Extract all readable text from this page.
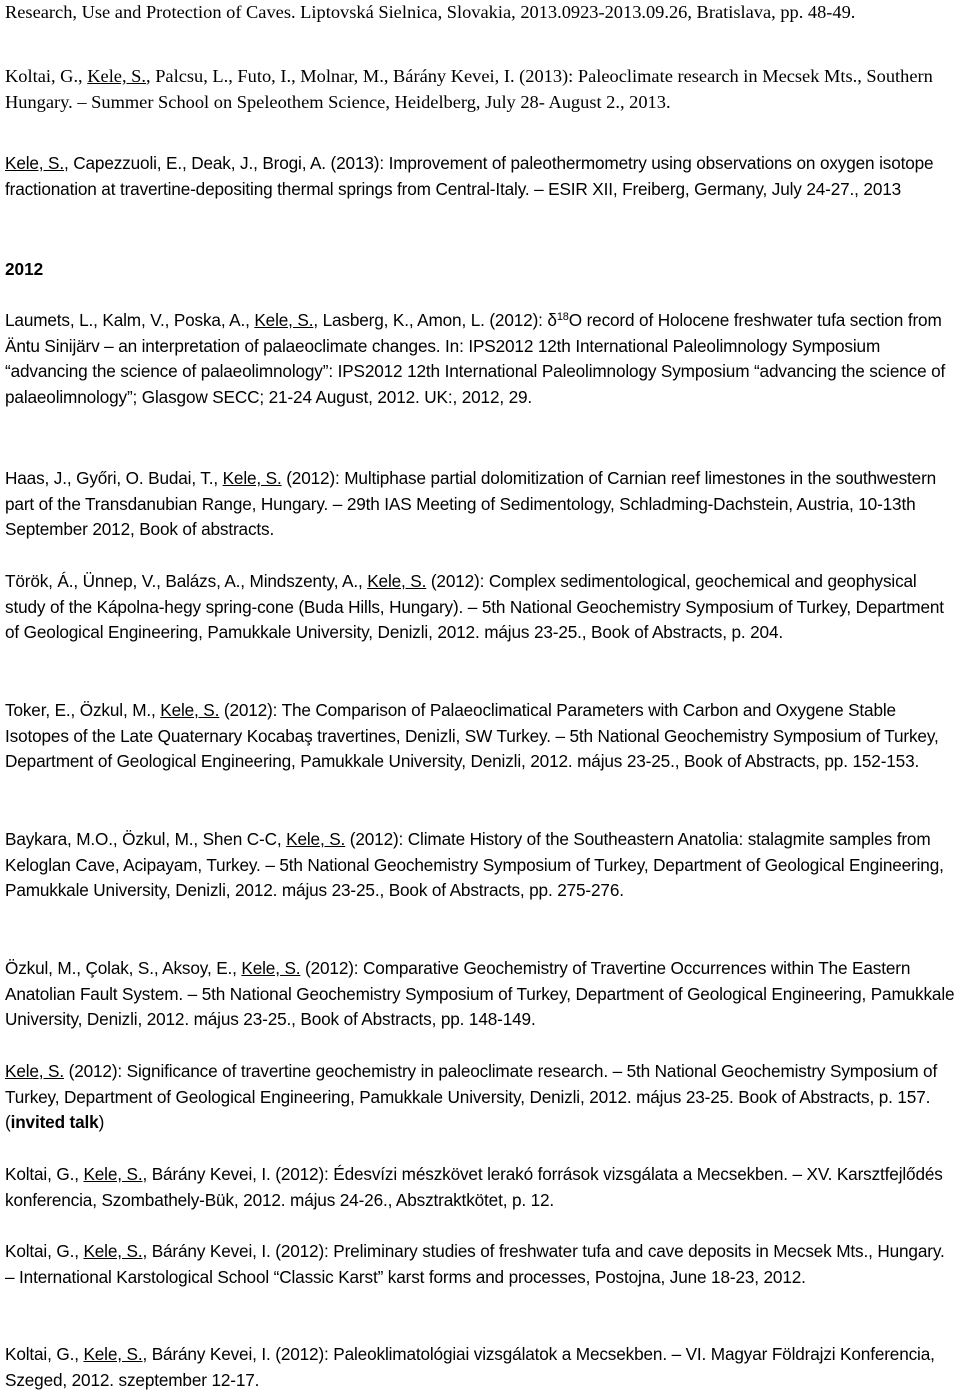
Research, Use and Protection of Caves. Liptovská Sielnica, Slovakia, 2013.0923-2013.09.26, Bratislava, pp. 48-49.
Koltai, G., Kele, S., Palcsu, L., Futo, I., Molnar, M., Bárány Kevei, I. (2013): Paleoclimate research in Mecsek Mts., Southern Hungary. – Summer School on Speleothem Science, Heidelberg, July 28- August 2., 2013.
Kele, S., Capezzuoli, E., Deak, J., Brogi, A. (2013): Improvement of paleothermometry using observations on oxygen isotope fractionation at travertine-depositing thermal springs from Central-Italy. – ESIR XII, Freiberg, Germany, July 24-27., 2013
2012
Laumets, L., Kalm, V., Poska, A., Kele, S., Lasberg, K., Amon, L. (2012): $\delta^{18}O$ record of Holocene freshwater tufa section from Äntu Sinijärv – an interpretation of palaeoclimate changes. In: IPS2012 12th International Paleolimnology Symposium “advancing the science of palaeolimnology”: IPS2012 12th International Paleolimnology Symposium “advancing the science of palaeolimnology”; Glasgow SECC; 21-24 August, 2012. UK:, 2012, 29.
Haas, J., Győri, O. Budai, T., Kele, S. (2012): Multiphase partial dolomitization of Carnian reef limestones in the southwestern part of the Transdanubian Range, Hungary. – 29th IAS Meeting of Sedimentology, Schladming-Dachstein, Austria, 10-13th September 2012, Book of abstracts.
Török, Á., Ünnep, V., Balázs, A., Mindszenty, A., Kele, S. (2012): Complex sedimentological, geochemical and geophysical study of the Kápolna-hegy spring-cone (Buda Hills, Hungary). – 5th National Geochemistry Symposium of Turkey, Department of Geological Engineering, Pamukkale University, Denizli, 2012. május 23-25., Book of Abstracts, p. 204.
Toker, E., Özkul, M., Kele, S. (2012): The Comparison of Palaeoclimatical Parameters with Carbon and Oxygene Stable Isotopes of the Late Quaternary Kocabaş travertines, Denizli, SW Turkey. – 5th National Geochemistry Symposium of Turkey, Department of Geological Engineering, Pamukkale University, Denizli, 2012. május 23-25., Book of Abstracts, pp. 152-153.
Baykara, M.O., Özkul, M., Shen C-C, Kele, S. (2012): Climate History of the Southeastern Anatolia: stalagmite samples from Keloglan Cave, Acipayam, Turkey. – 5th National Geochemistry Symposium of Turkey, Department of Geological Engineering, Pamukkale University, Denizli, 2012. május 23-25., Book of Abstracts, pp. 275-276.
Özkul, M., Çolak, S., Aksoy, E., Kele, S. (2012): Comparative Geochemistry of Travertine Occurrences within The Eastern Anatolian Fault System. – 5th National Geochemistry Symposium of Turkey, Department of Geological Engineering, Pamukkale University, Denizli, 2012. május 23-25., Book of Abstracts, pp. 148-149.
Kele, S. (2012): Significance of travertine geochemistry in paleoclimate research. – 5th National Geochemistry Symposium of Turkey, Department of Geological Engineering, Pamukkale University, Denizli, 2012. május 23-25. Book of Abstracts, p. 157. (invited talk)
Koltai, G., Kele, S., Bárány Kevei, I. (2012): Édesvízi mészkövet lerakó források vizsgálata a Mecsekben. – XV. Karsztfejlődés konferencia, Szombathely-Bük, 2012. május 24-26., Absztraktkötet, p. 12.
Koltai, G., Kele, S., Bárány Kevei, I. (2012): Preliminary studies of freshwater tufa and cave deposits in Mecsek Mts., Hungary. – International Karstological School “Classic Karst” karst forms and processes, Postojna, June 18-23, 2012.
Koltai, G., Kele, S., Bárány Kevei, I. (2012): Paleoklimatológiai vizsgálatok a Mecsekben. – VI. Magyar Földrajzi Konferencia, Szeged, 2012. szeptember 12-17.
